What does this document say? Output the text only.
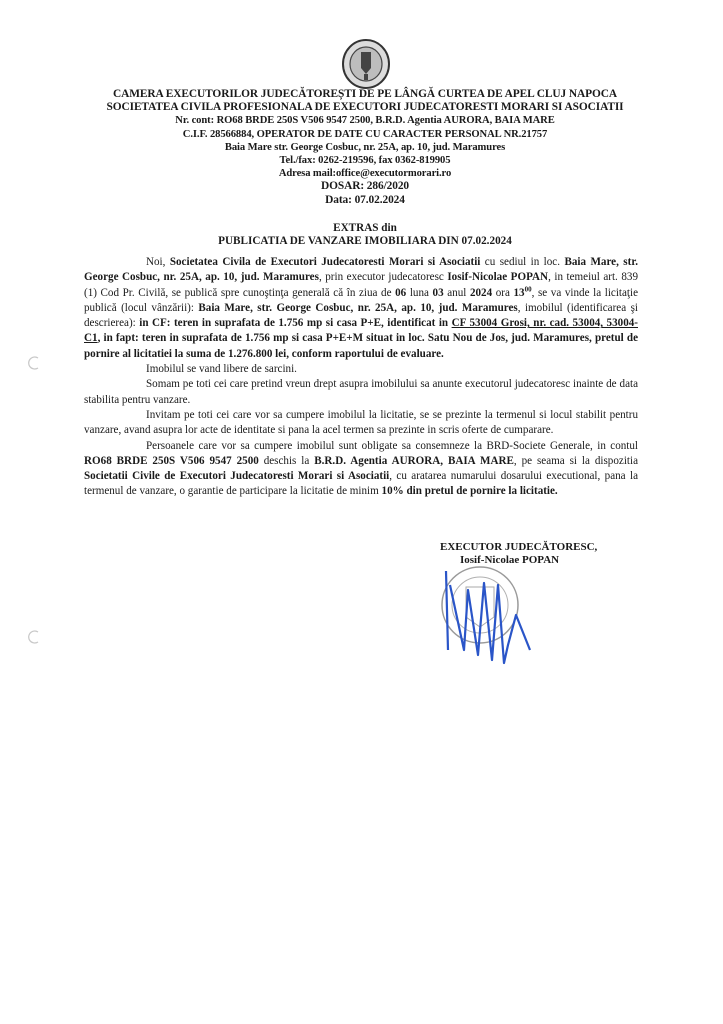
CAMERA EXECUTORILOR JUDECĂTOREȘTI DE PE LÂNGĂ CURTEA DE APEL CLUJ NAPOCA
SOCIETATEA CIVILA PROFESIONALA DE EXECUTORI JUDECATORESTI MORARI SI ASOCIATII
Nr. cont: RO68 BRDE 250S V506 9547 2500, B.R.D. Agentia AURORA, BAIA MARE
C.I.F. 28566884, OPERATOR DE DATE CU CARACTER PERSONAL NR.21757
Baia Mare str. George Cosbuc, nr. 25A, ap. 10, jud. Maramures
Tel./fax: 0262-219596, fax 0362-819905
Adresa mail:office@executormorari.ro
DOSAR: 286/2020
Data: 07.02.2024
EXTRAS din
PUBLICATIA DE VANZARE IMOBILIARA DIN 07.02.2024

Noi, Societatea Civila de Executori Judecatoresti Morari si Asociatii cu sediul in loc. Baia Mare, str. George Cosbuc, nr. 25A, ap. 10, jud. Maramures, prin executor judecatoresc Iosif-Nicolae POPAN, in temeiul art. 839 (1) Cod Pr. Civilă, se publică spre cunoştinţa generală că în ziua de 06 luna 03 anul 2024 ora $13^{00}$, se va vinde la licitaţie publică (locul vânzării): Baia Mare, str. George Cosbuc, nr. 25A, ap. 10, jud. Maramures, imobilul (identificarea şi descrierea): in CF: teren in suprafata de 1.756 mp si casa P+E, identificat in CF 53004 Grosi, nr. cad. 53004, 53004-C1, in fapt: teren in suprafata de 1.756 mp si casa P+E+M situat in loc. Satu Nou de Jos, jud. Maramures, pretul de pornire al licitatiei la suma de 1.276.800 lei, conform raportului de evaluare.

Imobilul se vand libere de sarcini.

Somam pe toti cei care pretind vreun drept asupra imobilului sa anunte executorul judecatoresc inainte de data stabilita pentru vanzare.

Invitam pe toti cei care vor sa cumpere imobilul la licitatie, se se prezinte la termenul si locul stabilit pentru vanzare, avand asupra lor acte de identitate si pana la acel termen sa prezinte in scris oferte de cumparare.

Persoanele care vor sa cumpere imobilul sunt obligate sa consemneze la BRD-Societe Generale, in contul RO68 BRDE 250S V506 9547 2500 deschis la B.R.D. Agentia AURORA, BAIA MARE, pe seama si la dispozitia Societatii Civile de Executori Judecatoresti Morari si Asociatii, cu aratarea numarului dosarului executional, pana la termenul de vanzare, o garantie de participare la licitatie de minim 10% din pretul de pornire la licitatie.

EXECUTOR JUDECĂTORESC,
Iosif-Nicolae POPAN
